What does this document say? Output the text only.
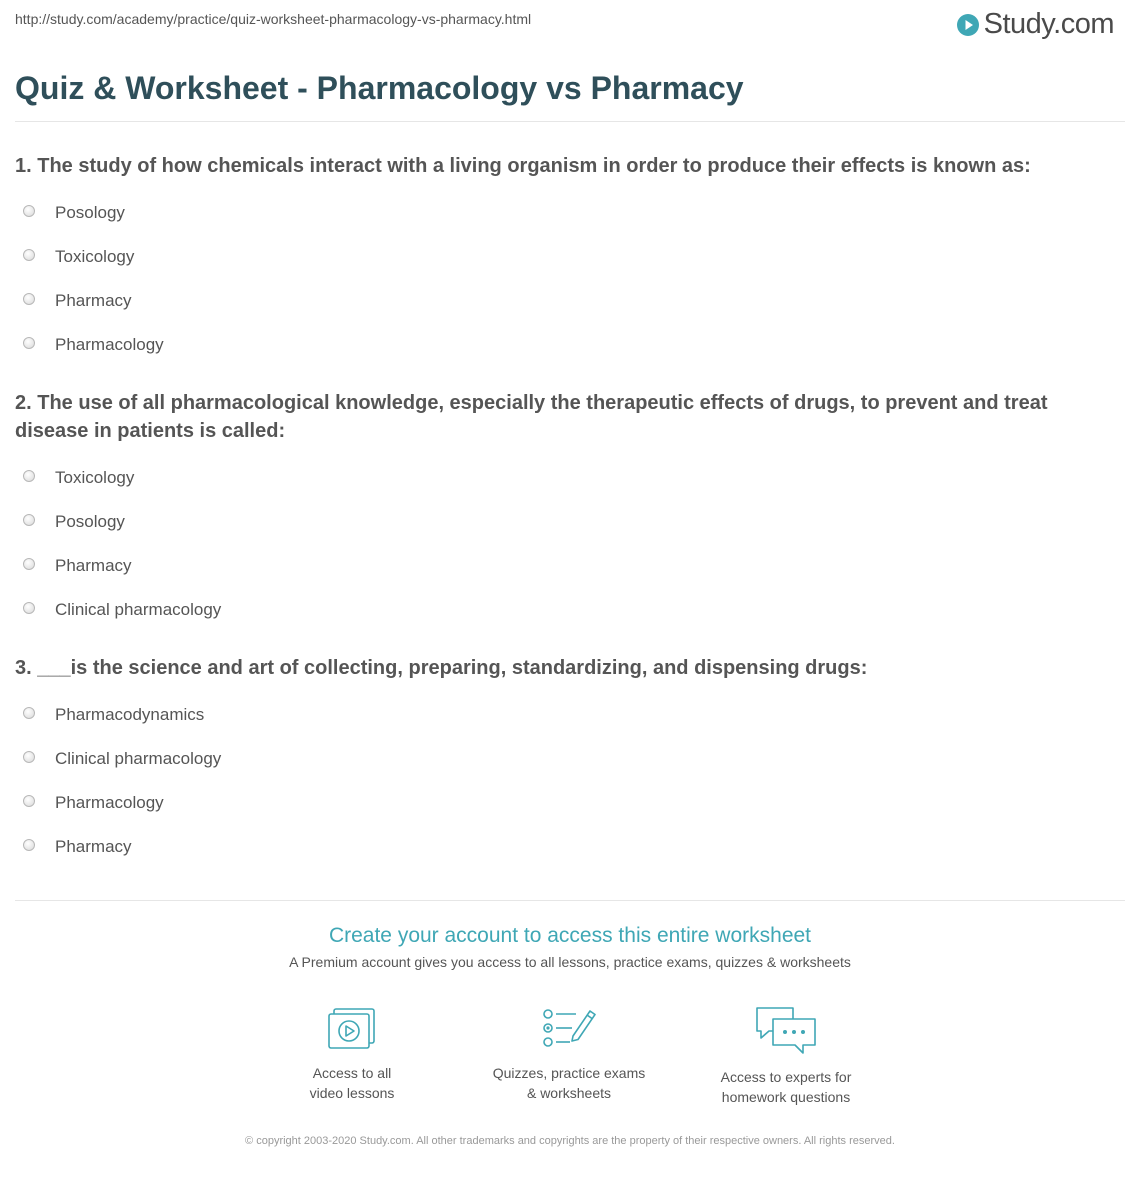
http://study.com/academy/practice/quiz-worksheet-pharmacology-vs-pharmacy.html	Study.com
Quiz & Worksheet - Pharmacology vs Pharmacy

1. The study of how chemicals interact with a living organism in order to produce their effects is known as:

Posology
Toxicology
Pharmacy
Pharmacology

2. The use of all pharmacological knowledge, especially the therapeutic effects of drugs, to prevent and treat disease in patients is called:

Toxicology
Posology
Pharmacy
Clinical pharmacology

3. ___is the science and art of collecting, preparing, standardizing, and dispensing drugs:

Pharmacodynamics
Clinical pharmacology
Pharmacology
Pharmacy
Create your account to access this entire worksheet
A Premium account gives you access to all lessons, practice exams, quizzes & worksheets
Access to all
video lessons
Quizzes, practice exams
& worksheets
Access to experts for
homework questions
© copyright 2003-2020 Study.com. All other trademarks and copyrights are the property of their respective owners. All rights reserved.
